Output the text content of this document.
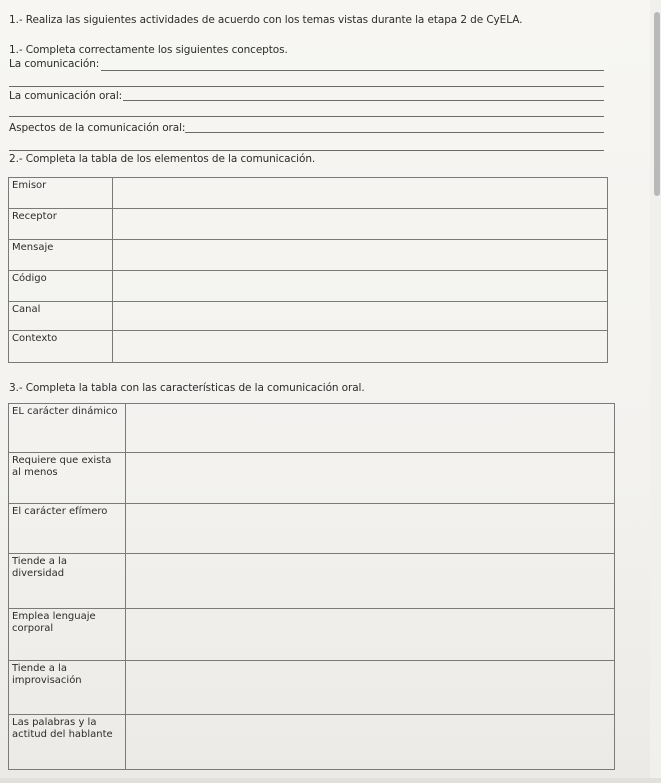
1.- Realiza las siguientes actividades de acuerdo con los temas vistas durante la etapa 2 de CyELA.
1.- Completa correctamente los siguientes conceptos.
La comunicación:
La comunicación oral:
Aspectos de la comunicación oral:
2.- Completa la tabla de los elementos de la comunicación.
Emisor	
Receptor	
Mensaje	
Código	
Canal	
Contexto	
3.- Completa la tabla con las características de la comunicación oral.
EL carácter dinámico	
Requiere que exista al menos	
El carácter efímero	
Tiende a la diversidad	
Emplea lenguaje corporal	
Tiende a la improvisación	
Las palabras y la actitud del hablante	
